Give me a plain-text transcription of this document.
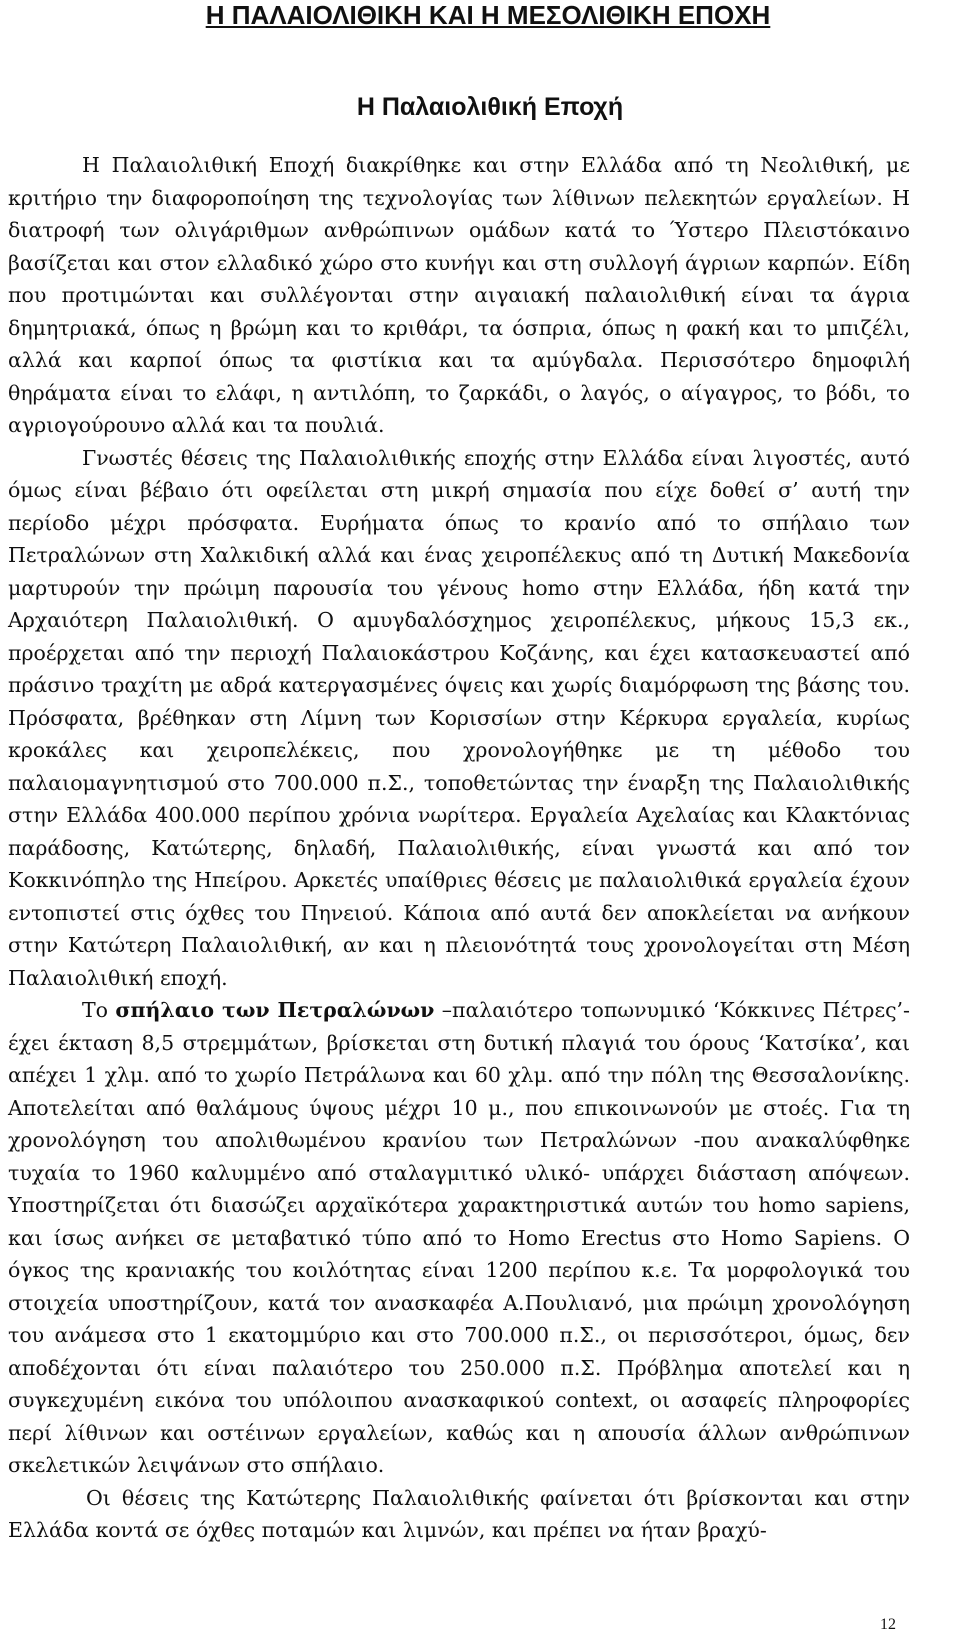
Η ΠΑΛΑΙΟΛΙΘΙΚΗ ΚΑΙ Η ΜΕΣΟΛΙΘΙΚΗ ΕΠΟΧΗ
Η Παλαιολιθική Εποχή

Η Παλαιολιθική Εποχή διακρίθηκε και στην Ελλάδα από τη Νεολιθική, με κριτήριο την διαφοροποίηση της τεχνολογίας των λίθινων πελεκητών εργαλείων. Η διατροφή των ολιγάριθμων ανθρώπινων ομάδων κατά το Ύστερο Πλειστόκαινο βασίζεται και στον ελλαδικό χώρο στο κυνήγι και στη συλλογή άγριων καρπών. Είδη που προτιμώνται και συλλέγονται στην αιγαιακή παλαιολιθική είναι τα άγρια δημητριακά, όπως η βρώμη και το κριθάρι, τα όσπρια, όπως η φακή και το μπιζέλι, αλλά και καρποί όπως τα φιστίκια και τα αμύγδαλα. Περισσότερο δημοφιλή θηράματα είναι το ελάφι, η αντιλόπη, το ζαρκάδι, ο λαγός, ο αίγαγρος, το βόδι, το αγριογούρουνο αλλά και τα πουλιά.

Γνωστές θέσεις της Παλαιολιθικής εποχής στην Ελλάδα είναι λιγοστές, αυτό όμως είναι βέβαιο ότι οφείλεται στη μικρή σημασία που είχε δοθεί σ’ αυτή την περίοδο μέχρι πρόσφατα. Ευρήματα όπως το κρανίο από το σπήλαιο των Πετραλώνων στη Χαλκιδική αλλά και ένας χειροπέλεκυς από τη Δυτική Μακεδονία μαρτυρούν την πρώιμη παρουσία του γένους homo στην Ελλάδα, ήδη κατά την Αρχαιότερη Παλαιολιθική. Ο αμυγδαλόσχημος χειροπέλεκυς, μήκους 15,3 εκ., προέρχεται από την περιοχή Παλαιοκάστρου Κοζάνης, και έχει κατασκευαστεί από πράσινο τραχίτη με αδρά κατεργασμένες όψεις και χωρίς διαμόρφωση της βάσης του. Πρόσφατα, βρέθηκαν στη Λίμνη των Κορισσίων στην Κέρκυρα εργαλεία, κυρίως κροκάλες και χειροπελέκεις, που χρονολογήθηκε με τη μέθοδο του παλαιομαγνητισμού στο 700.000 π.Σ., τοποθετώντας την έναρξη της Παλαιολιθικής στην Ελλάδα 400.000 περίπου χρόνια νωρίτερα. Εργαλεία Αχελαίας και Κλακτόνιας παράδοσης, Κατώτερης, δηλαδή, Παλαιολιθικής, είναι γνωστά και από τον Κοκκινόπηλο της Ηπείρου. Αρκετές υπαίθριες θέσεις με παλαιολιθικά εργαλεία έχουν εντοπιστεί στις όχθες του Πηνειού. Κάποια από αυτά δεν αποκλείεται να ανήκουν στην Κατώτερη Παλαιολιθική, αν και η πλειονότητά τους χρονολογείται στη Μέση Παλαιολιθική εποχή.

Το σπήλαιο των Πετραλώνων –παλαιότερο τοπωνυμικό ‘Κόκκινες Πέτρες’- έχει έκταση 8,5 στρεμμάτων, βρίσκεται στη δυτική πλαγιά του όρους ‘Κατσίκα’, και απέχει 1 χλμ. από το χωρίο Πετράλωνα και 60 χλμ. από την πόλη της Θεσσαλονίκης. Αποτελείται από θαλάμους ύψους μέχρι 10 μ., που επικοινωνούν με στοές. Για τη χρονολόγηση του απολιθωμένου κρανίου των Πετραλώνων -που ανακαλύφθηκε τυχαία το 1960 καλυμμένο από σταλαγμιτικό υλικό- υπάρχει διάσταση απόψεων. Υποστηρίζεται ότι διασώζει αρχαϊκότερα χαρακτηριστικά αυτών του homo sapiens, και ίσως ανήκει σε μεταβατικό τύπο από το Homo Erectus στο Homo Sapiens. Ο όγκος της κρανιακής του κοιλότητας είναι 1200 περίπου κ.ε. Τα μορφολογικά του στοιχεία υποστηρίζουν, κατά τον ανασκαφέα Α.Πουλιανό, μια πρώιμη χρονολόγηση του ανάμεσα στο 1 εκατομμύριο και στο 700.000 π.Σ., οι περισσότεροι, όμως, δεν αποδέχονται ότι είναι παλαιότερο του 250.000 π.Σ. Πρόβλημα αποτελεί και η συγκεχυμένη εικόνα του υπόλοιπου ανασκαφικού context, οι ασαφείς πληροφορίες περί λίθινων και οστέινων εργαλείων, καθώς και η απουσία άλλων ανθρώπινων σκελετικών λειψάνων στο σπήλαιο.

Οι θέσεις της Κατώτερης Παλαιολιθικής φαίνεται ότι βρίσκονται και στην Ελλάδα κοντά σε όχθες ποταμών και λιμνών, και πρέπει να ήταν βραχύ-

12
